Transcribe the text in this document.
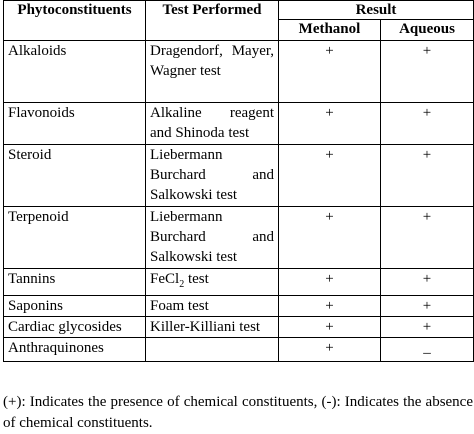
Phytoconstituents	Test Performed	Result	
		Methanol	Aqueous
Alkaloids	Dragendorf, Mayer, Wagner test	+	+
Flavonoids	Alkaline reagent and Shinoda test	+	+
Steroid	Liebermann Burchard and Salkowski test	+	+
Terpenoid	Liebermann Burchard and Salkowski test	+	+
Tannins	FeCl$_2$ test	+	+
Saponins	Foam test	+	+
Cardiac glycosides	Killer-Killiani test	+	+
Anthraquinones		+	_
(+): Indicates the presence of chemical constituents, (-): Indicates the absence of chemical constituents.
